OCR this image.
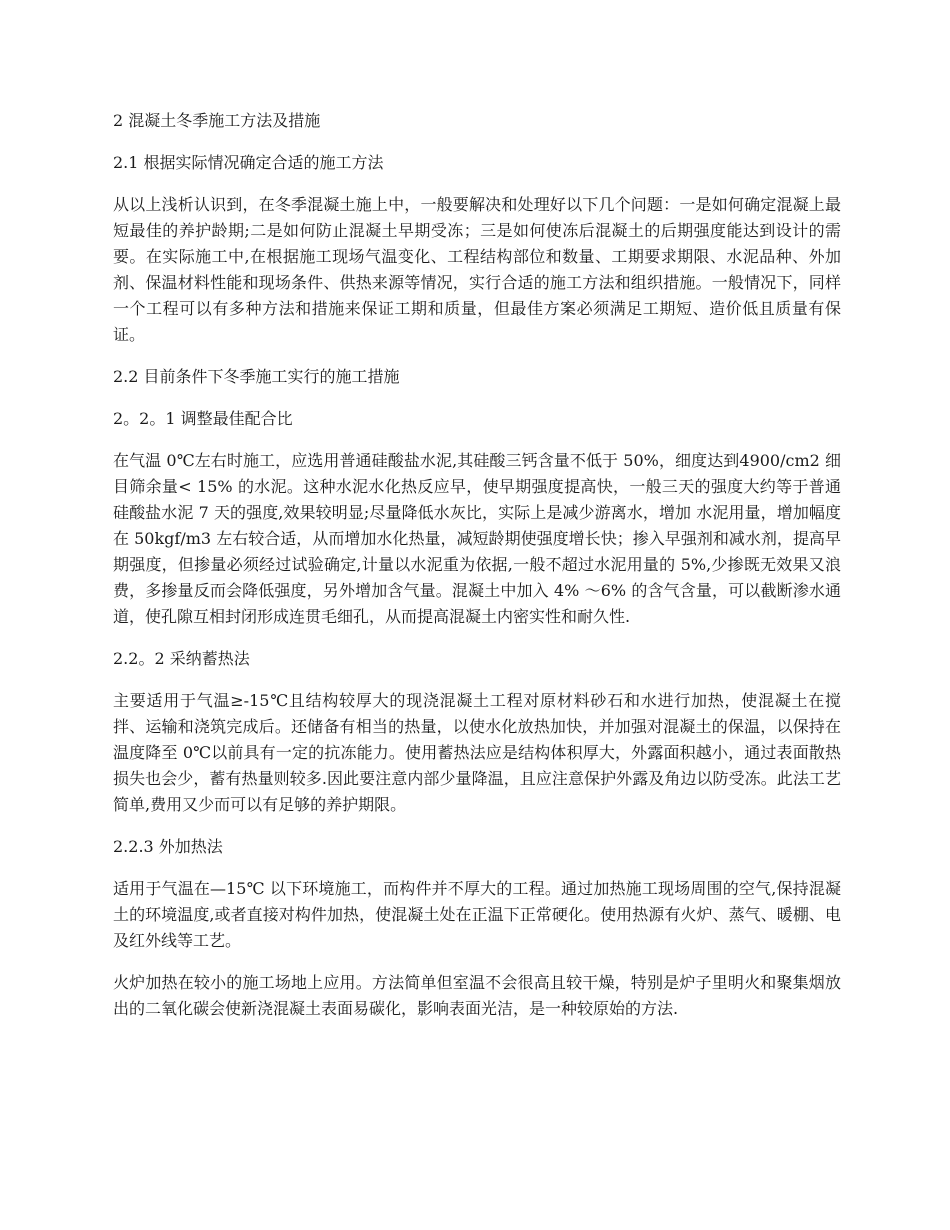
2 混凝土冬季施工方法及措施
2.1 根据实际情况确定合适的施工方法
从以上浅析认识到，在冬季混凝土施上中，一般要解决和处理好以下几个问题：一是如何确定混凝上最短最佳的养护龄期;二是如何防止混凝土早期受冻；三是如何使冻后混凝土的后期强度能达到设计的需要。在实际施工中,在根据施工现场气温变化、工程结构部位和数量、工期要求期限、水泥品种、外加剂、保温材料性能和现场条件、供热来源等情况，实行合适的施工方法和组织措施。一般情况下，同样一个工程可以有多种方法和措施来保证工期和质量，但最佳方案必须满足工期短、造价低且质量有保证。
2.2 目前条件下冬季施工实行的施工措施
2。2。1 调整最佳配合比
在气温 0℃左右时施工，应选用普通硅酸盐水泥,其硅酸三钙含量不低于 50%，细度达到4900/cm2 细目筛余量< 15% 的水泥。这种水泥水化热反应早，使早期强度提高快，一般三天的强度大约等于普通硅酸盐水泥 7 天的强度,效果较明显;尽量降低水灰比，实际上是减少游离水，增加 水泥用量，增加幅度在 50kgf/m3 左右较合适，从而增加水化热量，减短龄期使强度增长快；掺入早强剂和减水剂，提高早期强度，但掺量必须经过试验确定,计量以水泥重为依据,一般不超过水泥用量的 5%,少掺既无效果又浪费，多掺量反而会降低强度，另外增加含气量。混凝土中加入 4% ～6% 的含气含量，可以截断渗水通道，使孔隙互相封闭形成连贯毛细孔，从而提高混凝土内密实性和耐久性.
2.2。2 采纳蓄热法
主要适用于气温≥-15℃且结构较厚大的现浇混凝土工程对原材料砂石和水进行加热，使混凝土在搅拌、运输和浇筑完成后。还储备有相当的热量，以使水化放热加快，并加强对混凝土的保温，以保持在温度降至 0℃以前具有一定的抗冻能力。使用蓄热法应是结构体积厚大，外露面积越小，通过表面散热损失也会少，蓄有热量则较多.因此要注意内部少量降温，且应注意保护外露及角边以防受冻。此法工艺简单,费用又少而可以有足够的养护期限。
2.2.3 外加热法
适用于气温在—15℃ 以下环境施工，而构件并不厚大的工程。通过加热施工现场周围的空气,保持混凝土的环境温度,或者直接对构件加热，使混凝土处在正温下正常硬化。使用热源有火炉、蒸气、暖棚、电及红外线等工艺。
火炉加热在较小的施工场地上应用。方法简单但室温不会很高且较干燥，特别是炉子里明火和聚集烟放出的二氧化碳会使新浇混凝土表面易碳化，影响表面光洁，是一种较原始的方法.
